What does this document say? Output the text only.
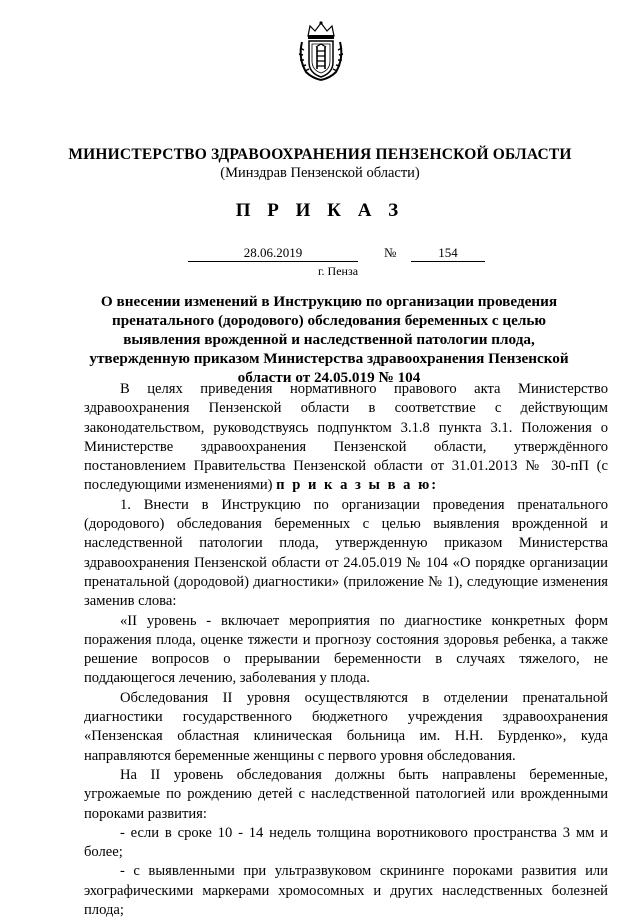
МИНИСТЕРСТВО ЗДРАВООХРАНЕНИЯ ПЕНЗЕНСКОЙ ОБЛАСТИ
(Минздрав Пензенской области)
П Р И К А З
28.06.2019	№	154
г. Пенза
О внесении изменений в Инструкцию по организации проведения пренатального (дородового) обследования беременных с целью выявления врожденной и наследственной патологии плода, утвержденную приказом Министерства здравоохранения Пензенской области от 24.05.019 № 104

В целях приведения нормативного правового акта Министерство здравоохранения Пензенской области в соответствие с действующим законодательством, руководствуясь подпунктом 3.1.8 пункта 3.1. Положения о Министерстве здравоохранения Пензенской области, утверждённого постановлением Правительства Пензенской области от 31.01.2013 № 30-пП (с последующими изменениями) п р и к а з ы в а ю:

1. Внести в Инструкцию по организации проведения пренатального (дородового) обследования беременных с целью выявления врожденной и наследственной патологии плода, утвержденную приказом Министерства здравоохранения Пензенской области от 24.05.019 № 104 «О порядке организации пренатальной (дородовой) диагностики» (приложение № 1), следующие изменения заменив слова:

«II уровень - включает мероприятия по диагностике конкретных форм поражения плода, оценке тяжести и прогнозу состояния здоровья ребенка, а также решение вопросов о прерывании беременности в случаях тяжелого, не поддающегося лечению, заболевания у плода.

Обследования II уровня осуществляются в отделении пренатальной диагностики государственного бюджетного учреждения здравоохранения «Пензенская областная клиническая больница им. Н.Н. Бурденко», куда направляются беременные женщины с первого уровня обследования.

На II уровень обследования должны быть направлены беременные, угрожаемые по рождению детей с наследственной патологией или врожденными пороками развития:

- если в сроке 10 - 14 недель толщина воротникового пространства 3 мм и более;

- с выявленными при ультразвуковом скрининге пороками развития или эхографическими маркерами хромосомных и других наследственных болезней плода;
